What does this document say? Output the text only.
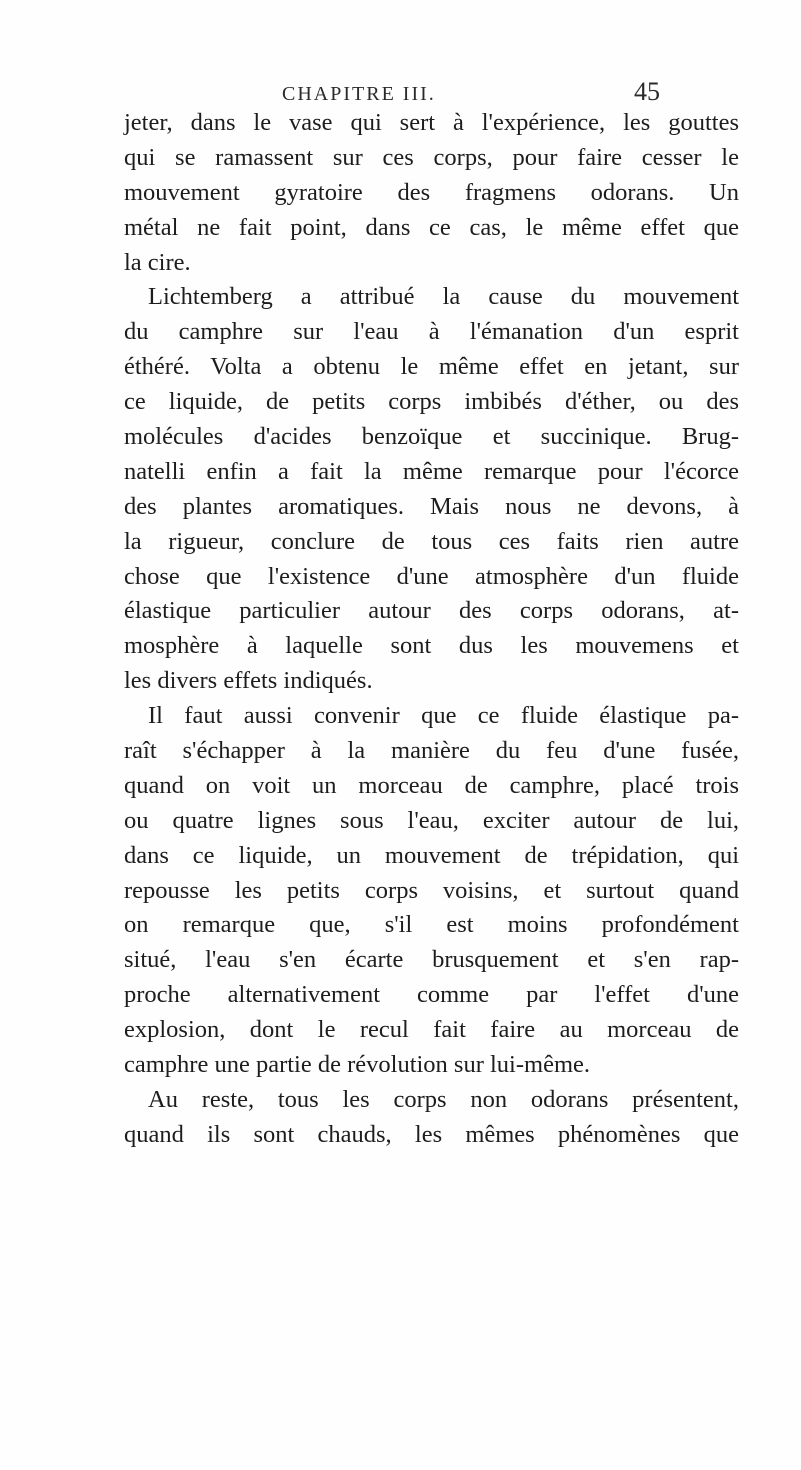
CHAPITRE III.	45
jeter, dans le vase qui sert à l'expérience, les gouttes
qui se ramassent sur ces corps, pour faire cesser le
mouvement gyratoire des fragmens odorans. Un
métal ne fait point, dans ce cas, le même effet que
la cire.
Lichtemberg a attribué la cause du mouvement
du camphre sur l'eau à l'émanation d'un esprit
éthéré. Volta a obtenu le même effet en jetant, sur
ce liquide, de petits corps imbibés d'éther, ou des
molécules d'acides benzoïque et succinique. Brug-
natelli enfin a fait la même remarque pour l'écorce
des plantes aromatiques. Mais nous ne devons, à
la rigueur, conclure de tous ces faits rien autre
chose que l'existence d'une atmosphère d'un fluide
élastique particulier autour des corps odorans, at-
mosphère à laquelle sont dus les mouvemens et
les divers effets indiqués.
Il faut aussi convenir que ce fluide élastique pa-
raît s'échapper à la manière du feu d'une fusée,
quand on voit un morceau de camphre, placé trois
ou quatre lignes sous l'eau, exciter autour de lui,
dans ce liquide, un mouvement de trépidation, qui
repousse les petits corps voisins, et surtout quand
on remarque que, s'il est moins profondément
situé, l'eau s'en écarte brusquement et s'en rap-
proche alternativement comme par l'effet d'une
explosion, dont le recul fait faire au morceau de
camphre une partie de révolution sur lui-même.
Au reste, tous les corps non odorans présentent,
quand ils sont chauds, les mêmes phénomènes que
